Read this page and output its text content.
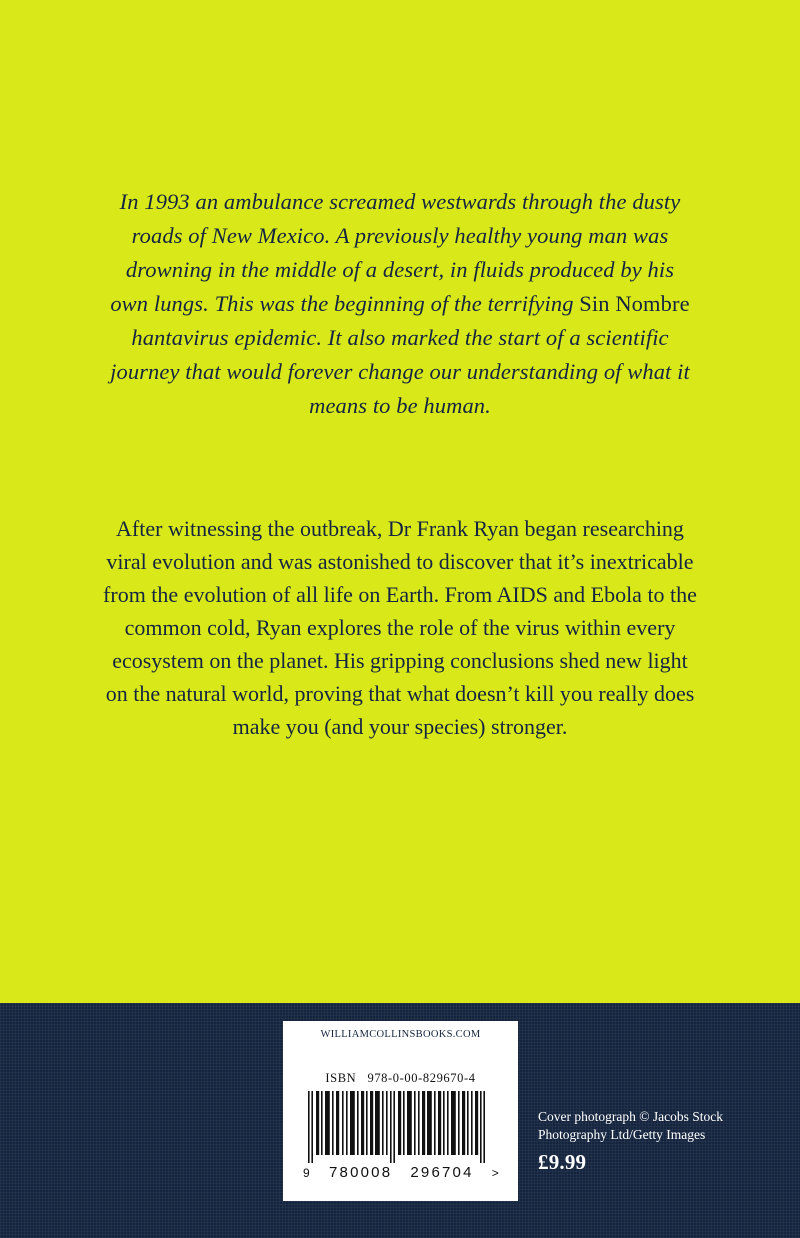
In 1993 an ambulance screamed westwards through the dusty roads of New Mexico. A previously healthy young man was drowning in the middle of a desert, in fluids produced by his own lungs. This was the beginning of the terrifying Sin Nombre hantavirus epidemic. It also marked the start of a scientific journey that would forever change our understanding of what it means to be human.

After witnessing the outbreak, Dr Frank Ryan began researching viral evolution and was astonished to discover that it’s inextricable from the evolution of all life on Earth. From AIDS and Ebola to the common cold, Ryan explores the role of the virus within every ecosystem on the planet. His gripping conclusions shed new light on the natural world, proving that what doesn’t kill you really does make you (and your species) stronger.

WILLIAMCOLLINSBOOKS.COM
ISBN 978-0-00-829670-4
9 780008 296704 >
Cover photograph © Jacobs Stock Photography Ltd/Getty Images
£9.99
